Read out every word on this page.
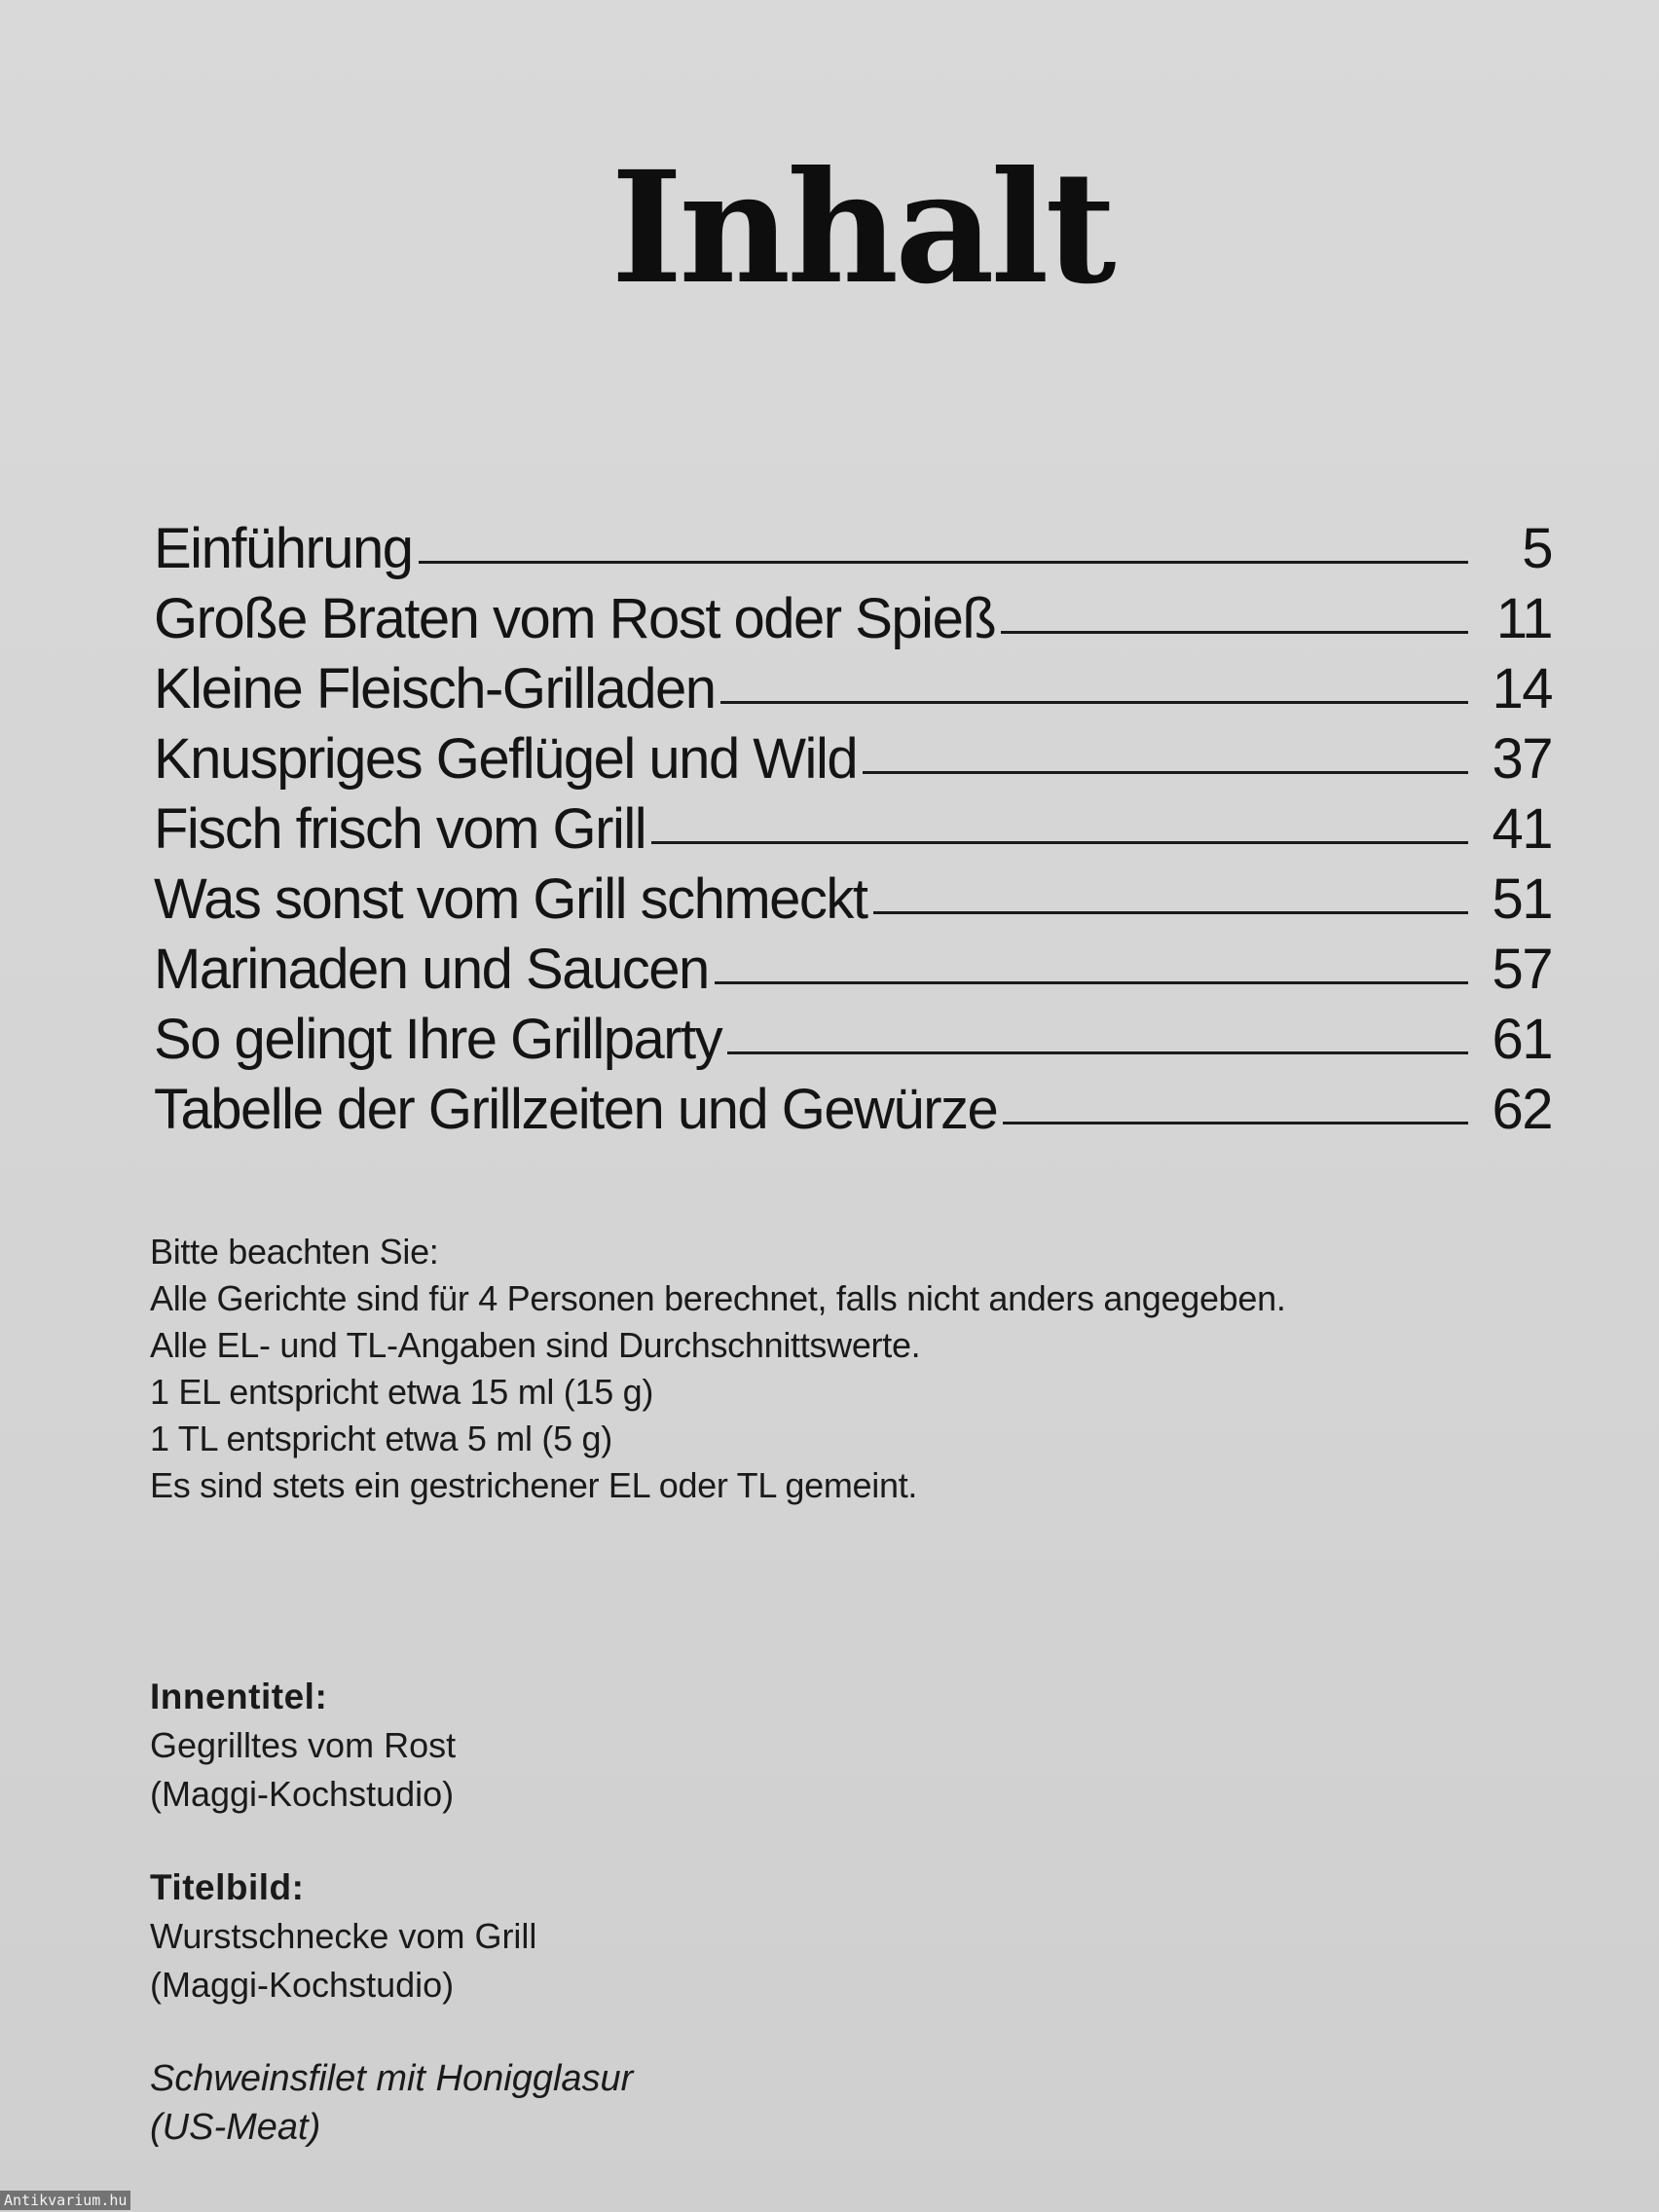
Inhalt
Einführung	5
Große Braten vom Rost oder Spieß	11
Kleine Fleisch-Grilladen	14
Knuspriges Geflügel und Wild	37
Fisch frisch vom Grill	41
Was sonst vom Grill schmeckt	51
Marinaden und Saucen	57
So gelingt Ihre Grillparty	61
Tabelle der Grillzeiten und Gewürze	62
Bitte beachten Sie:
Alle Gerichte sind für 4 Personen berechnet, falls nicht anders angegeben.
Alle EL- und TL-Angaben sind Durchschnittswerte.
1 EL entspricht etwa 15 ml (15 g)
1 TL entspricht etwa 5 ml (5 g)
Es sind stets ein gestrichener EL oder TL gemeint.
Innentitel:
Gegrilltes vom Rost
(Maggi-Kochstudio)
Titelbild:
Wurstschnecke vom Grill
(Maggi-Kochstudio)
Schweinsfilet mit Honigglasur
(US-Meat)
Antikvarium.hu
